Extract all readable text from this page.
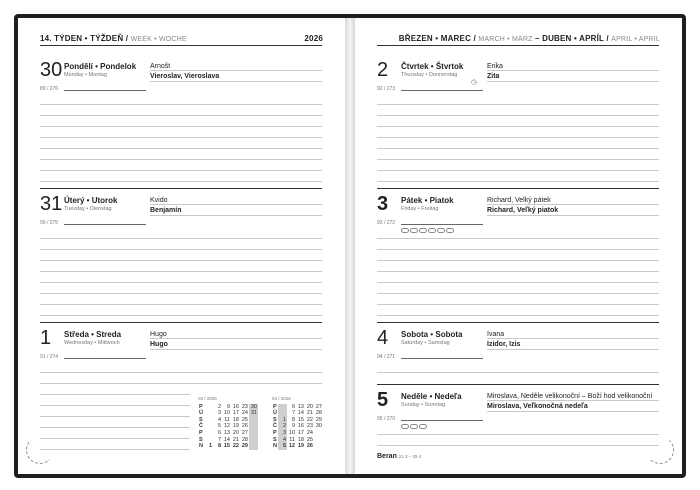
14. TÝDEN • TÝŽDEŇ / WEEK • WOCHE	2026
30 Pondělí • Pondelok
Monday • Montag
89 / 276
Arnošt
Vieroslav, Vieroslava
31 Úterý • Utorok
Tuesday • Dienstag
90 / 275
Kvido
Benjamín
1 Středa • Streda
Wednesday • Mittwoch
91 / 274
Hugo
Hugo
03 / 2026
P		2	9	16	23	30
Ú		3	10	17	24	31
S		4	11	18	25	
Č		5	12	19	26	
P		6	13	20	27	
S		7	14	21	28	
N	1	8	15	22	29	
04 / 2026
P		6	13	20	27
Ú		7	14	21	28
S	1	8	15	22	29
Č	2	9	16	23	30
P	3	10	17	24	
S	4	11	18	25	
N	5	12	19	26	
BŘEZEN • MAREC / MARCH • MÄRZ – DUBEN • APRÍL / APRIL • APRIL
2 Čtvrtek • Štvrtok
Thursday • Donnerstag
92 / 273
◷
Erika
Zita
3 Pátek • Piatok
Friday • Freitag
93 / 272
Richard, Velký pátek
Richard, Veľký piatok
4 Sobota • Sobota
Saturday • Samstag
94 / 271
Ivana
Izidor, Izis
5 Neděle • Nedeľa
Sunday • Sonntag
95 / 270
Miroslava, Neděle velikonoční – Boží hod velikonoční
Miroslava, Veľkonočná nedeľa
Beran 21 3 – 25 4
